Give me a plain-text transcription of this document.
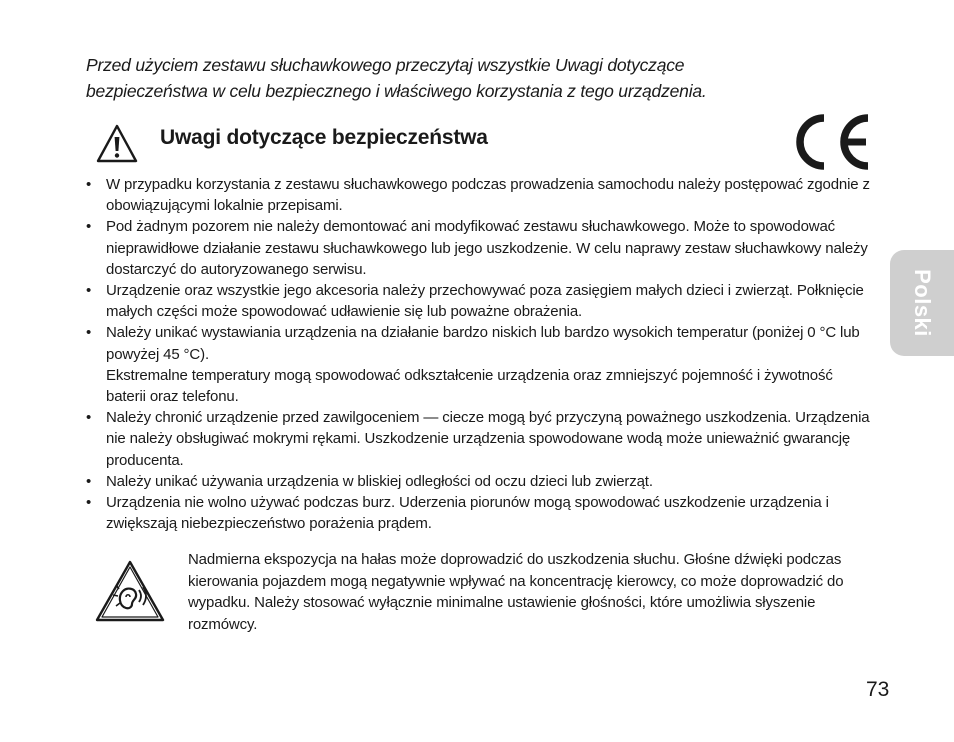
Przed użyciem zestawu słuchawkowego przeczytaj wszystkie Uwagi dotyczące
bezpieczeństwa w celu bezpiecznego i właściwego korzystania z tego urządzenia.
Uwagi dotyczące bezpieczeństwa
• W przypadku korzystania z zestawu słuchawkowego podczas prowadzenia samochodu należy postępować zgodnie z obowiązującymi lokalnie przepisami.
• Pod żadnym pozorem nie należy demontować ani modyfikować zestawu słuchawkowego. Może to spowodować nieprawidłowe działanie zestawu słuchawkowego lub jego uszkodzenie. W celu naprawy zestaw słuchawkowy należy dostarczyć do autoryzowanego serwisu.
• Urządzenie oraz wszystkie jego akcesoria należy przechowywać poza zasięgiem małych dzieci i zwierząt. Połknięcie małych części może spowodować udławienie się lub poważne obrażenia.
• Należy unikać wystawiania urządzenia na działanie bardzo niskich lub bardzo wysokich temperatur (poniżej 0 °C lub powyżej 45 °C).
Ekstremalne temperatury mogą spowodować odkształcenie urządzenia oraz zmniejszyć pojemność i żywotność baterii oraz telefonu.
• Należy chronić urządzenie przed zawilgoceniem — ciecze mogą być przyczyną poważnego uszkodzenia. Urządzenia nie należy obsługiwać mokrymi rękami. Uszkodzenie urządzenia spowodowane wodą może unieważnić gwarancję producenta.
• Należy unikać używania urządzenia w bliskiej odległości od oczu dzieci lub zwierząt.
• Urządzenia nie wolno używać podczas burz. Uderzenia piorunów mogą spowodować uszkodzenie urządzenia i zwiększają niebezpieczeństwo porażenia prądem.
Nadmierna ekspozycja na hałas może doprowadzić do uszkodzenia słuchu. Głośne dźwięki podczas kierowania pojazdem mogą negatywnie wpływać na koncentrację kierowcy, co może doprowadzić do wypadku. Należy stosować wyłącznie minimalne ustawienie głośności, które umożliwia słyszenie rozmówcy.
Polski
73
